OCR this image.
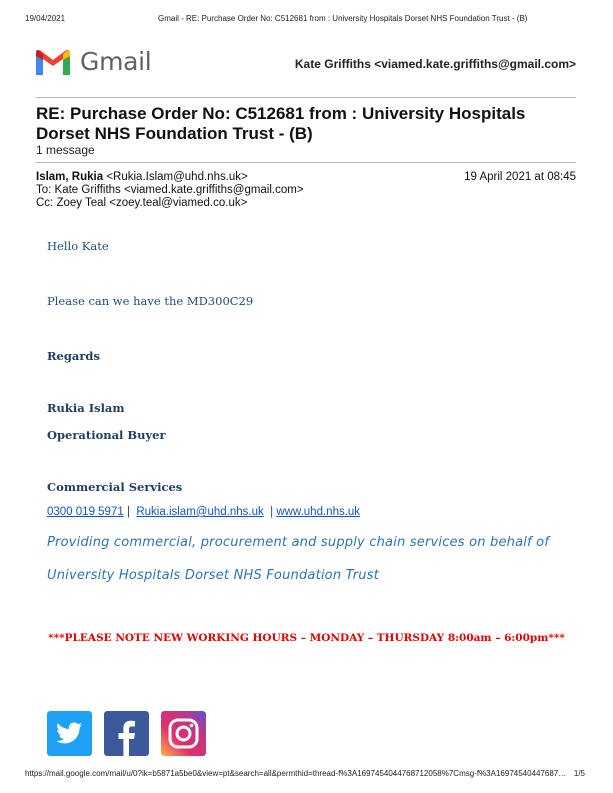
19/04/2021	Gmail - RE: Purchase Order No: C512681 from : University Hospitals Dorset NHS Foundation Trust - (B)
Gmail	Kate Griffiths <viamed.kate.griffiths@gmail.com>
RE: Purchase Order No: C512681 from : University Hospitals Dorset NHS Foundation Trust - (B)
1 message
Islam, Rukia <Rukia.Islam@uhd.nhs.uk>	19 April 2021 at 08:45
To: Kate Griffiths <viamed.kate.griffiths@gmail.com>
Cc: Zoey Teal <zoey.teal@viamed.co.uk>
Hello Kate
Please can we have the MD300C29
Regards
Rukia Islam
Operational Buyer
Commercial Services
0300 019 5971 | Rukia.islam@uhd.nhs.uk | www.uhd.nhs.uk
Providing commercial, procurement and supply chain services on behalf of
University Hospitals Dorset NHS Foundation Trust
***PLEASE NOTE NEW WORKING HOURS – MONDAY – THURSDAY 8:00am – 6:00pm***
https://mail.google.com/mail/u/0?ik=b5871a5be0&view=pt&search=all&permthid=thread-f%3A1697454044768712058%7Cmsg-f%3A16974540447687… 1/5
